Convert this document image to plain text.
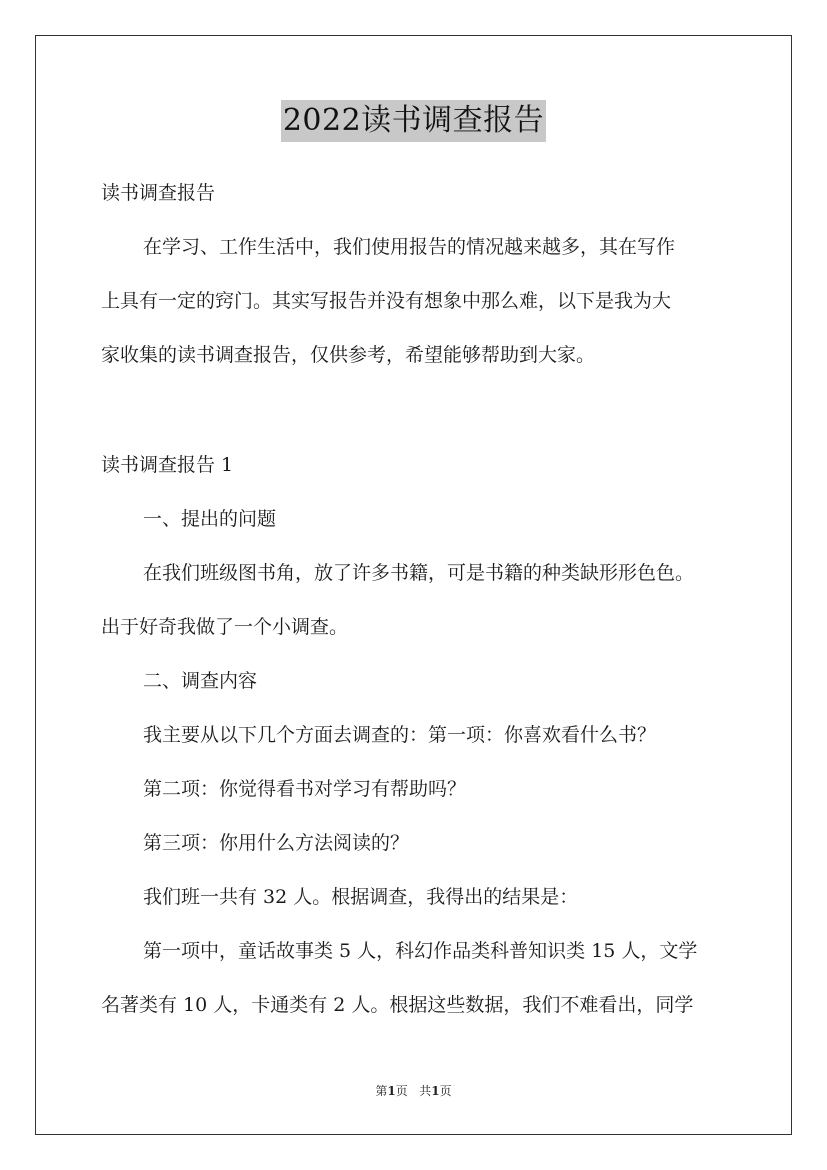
2022读书调查报告

读书调查报告

在学习、工作生活中，我们使用报告的情况越来越多，其在写作

上具有一定的窍门。其实写报告并没有想象中那么难，以下是我为大

家收集的读书调查报告，仅供参考，希望能够帮助到大家。

读书调查报告 1

一、提出的问题

在我们班级图书角，放了许多书籍，可是书籍的种类缺形形色色。

出于好奇我做了一个小调查。

二、调查内容

我主要从以下几个方面去调查的：第一项：你喜欢看什么书？

第二项：你觉得看书对学习有帮助吗？

第三项：你用什么方法阅读的？

我们班一共有 32 人。根据调查，我得出的结果是：

第一项中，童话故事类 5 人，科幻作品类科普知识类 15 人，文学

名著类有 10 人，卡通类有 2 人。根据这些数据，我们不难看出，同学

第1页 共1页
